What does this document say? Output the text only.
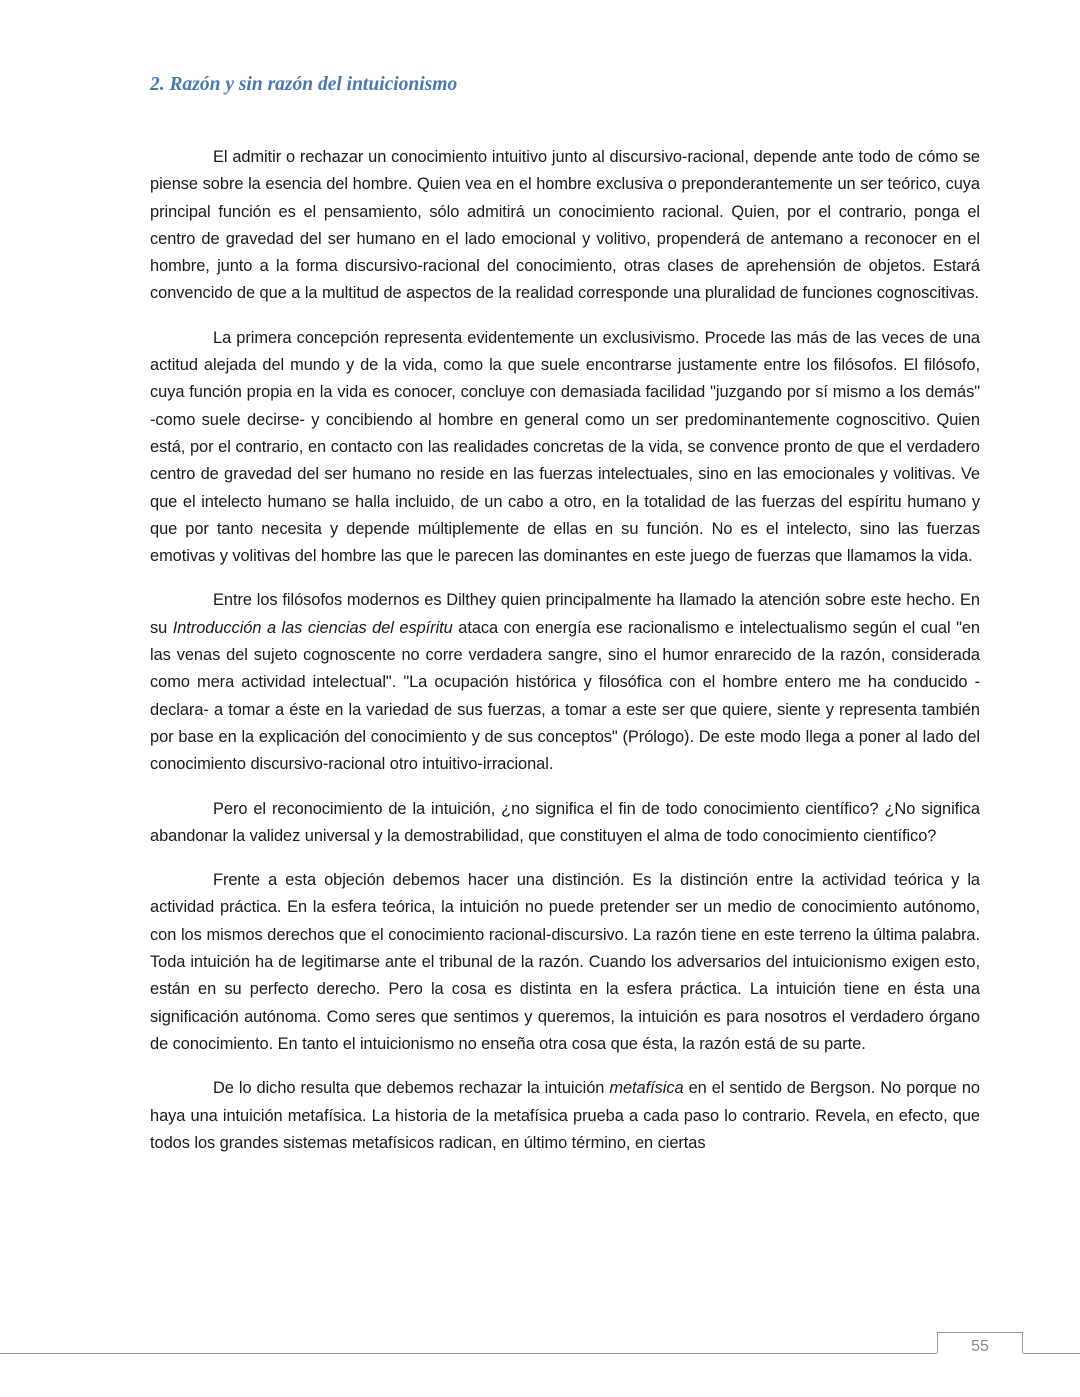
2. Razón y sin razón del intuicionismo

El admitir o rechazar un conocimiento intuitivo junto al discursivo-racional, depende ante todo de cómo se piense sobre la esencia del hombre. Quien vea en el hombre exclusiva o preponderantemente un ser teórico, cuya principal función es el pensamiento, sólo admitirá un conocimiento racional. Quien, por el contrario, ponga el centro de gravedad del ser humano en el lado emocional y volitivo, propenderá de antemano a reconocer en el hombre, junto a la forma discursivo-racional del conocimiento, otras clases de aprehensión de objetos. Estará convencido de que a la multitud de aspectos de la realidad corresponde una pluralidad de funciones cognoscitivas.

La primera concepción representa evidentemente un exclusivismo. Procede las más de las veces de una actitud alejada del mundo y de la vida, como la que suele encontrarse justamente entre los filósofos. El filósofo, cuya función propia en la vida es conocer, concluye con demasiada facilidad "juzgando por sí mismo a los demás" -como suele decirse- y concibiendo al hombre en general como un ser predominantemente cognoscitivo. Quien está, por el contrario, en contacto con las realidades concretas de la vida, se convence pronto de que el verdadero centro de gravedad del ser humano no reside en las fuerzas intelectuales, sino en las emocionales y volitivas. Ve que el intelecto humano se halla incluido, de un cabo a otro, en la totalidad de las fuerzas del espíritu humano y que por tanto necesita y depende múltiplemente de ellas en su función. No es el intelecto, sino las fuerzas emotivas y volitivas del hombre las que le parecen las dominantes en este juego de fuerzas que llamamos la vida.

Entre los filósofos modernos es Dilthey quien principalmente ha llamado la atención sobre este hecho. En su Introducción a las ciencias del espíritu ataca con energía ese racionalismo e intelectualismo según el cual "en las venas del sujeto cognoscente no corre verdadera sangre, sino el humor enrarecido de la razón, considerada como mera actividad intelectual". "La ocupación histórica y filosófica con el hombre entero me ha conducido -declara- a tomar a éste en la variedad de sus fuerzas, a tomar a este ser que quiere, siente y representa también por base en la explicación del conocimiento y de sus conceptos" (Prólogo). De este modo llega a poner al lado del conocimiento discursivo-racional otro intuitivo-irracional.

Pero el reconocimiento de la intuición, ¿no significa el fin de todo conocimiento científico? ¿No significa abandonar la validez universal y la demostrabilidad, que constituyen el alma de todo conocimiento científico?

Frente a esta objeción debemos hacer una distinción. Es la distinción entre la actividad teórica y la actividad práctica. En la esfera teórica, la intuición no puede pretender ser un medio de conocimiento autónomo, con los mismos derechos que el conocimiento racional-discursivo. La razón tiene en este terreno la última palabra. Toda intuición ha de legitimarse ante el tribunal de la razón. Cuando los adversarios del intuicionismo exigen esto, están en su perfecto derecho. Pero la cosa es distinta en la esfera práctica. La intuición tiene en ésta una significación autónoma. Como seres que sentimos y queremos, la intuición es para nosotros el verdadero órgano de conocimiento. En tanto el intuicionismo no enseña otra cosa que ésta, la razón está de su parte.

De lo dicho resulta que debemos rechazar la intuición metafísica en el sentido de Bergson. No porque no haya una intuición metafísica. La historia de la metafísica prueba a cada paso lo contrario. Revela, en efecto, que todos los grandes sistemas metafísicos radican, en último término, en ciertas

55
